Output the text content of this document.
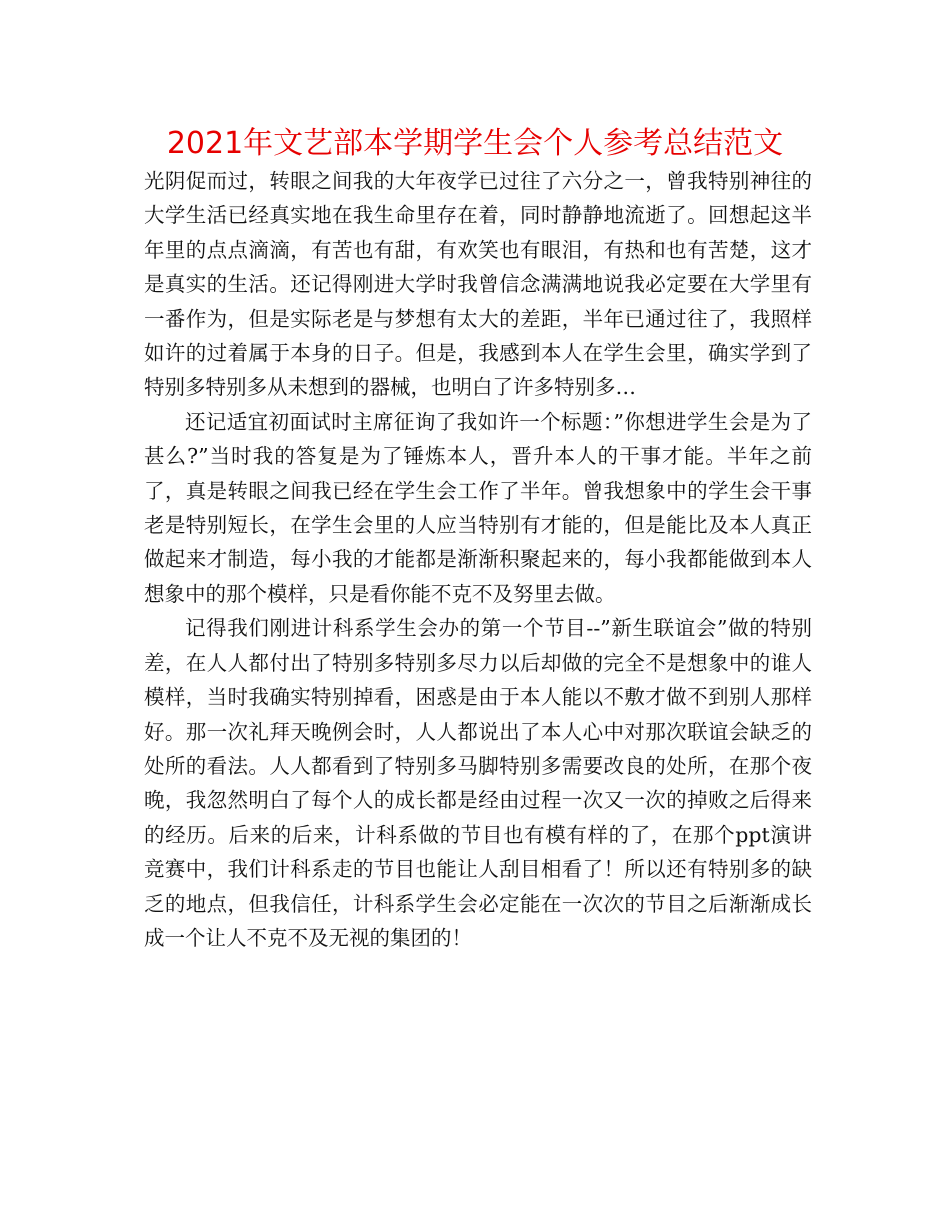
2021年文艺部本学期学生会个人参考总结范文

光阴促而过，转眼之间我的大年夜学已过往了六分之一，曾我特别神往的大学生活已经真实地在我生命里存在着，同时静静地流逝了。回想起这半年里的点点滴滴，有苦也有甜，有欢笑也有眼泪，有热和也有苦楚，这才是真实的生活。还记得刚进大学时我曾信念满满地说我必定要在大学里有一番作为，但是实际老是与梦想有太大的差距，半年已通过往了，我照样如许的过着属于本身的日子。但是，我感到本人在学生会里，确实学到了特别多特别多从未想到的器械，也明白了许多特别多…

还记适宜初面试时主席征询了我如许一个标题：”你想进学生会是为了甚么?”当时我的答复是为了锤炼本人，晋升本人的干事才能。半年之前了，真是转眼之间我已经在学生会工作了半年。曾我想象中的学生会干事老是特别短长，在学生会里的人应当特别有才能的，但是能比及本人真正做起来才制造，每小我的才能都是渐渐积聚起来的，每小我都能做到本人想象中的那个模样，只是看你能不克不及努里去做。

记得我们刚进计科系学生会办的第一个节目--”新生联谊会”做的特别差，在人人都付出了特别多特别多尽力以后却做的完全不是想象中的谁人模样，当时我确实特别掉看，困惑是由于本人能以不敷才做不到别人那样好。那一次礼拜天晚例会时，人人都说出了本人心中对那次联谊会缺乏的处所的看法。人人都看到了特别多马脚特别多需要改良的处所，在那个夜晚，我忽然明白了每个人的成长都是经由过程一次又一次的掉败之后得来的经历。后来的后来，计科系做的节目也有模有样的了，在那个ppt演讲竞赛中，我们计科系走的节目也能让人刮目相看了！所以还有特别多的缺乏的地点，但我信任，计科系学生会必定能在一次次的节目之后渐渐成长成一个让人不克不及无视的集团的！
